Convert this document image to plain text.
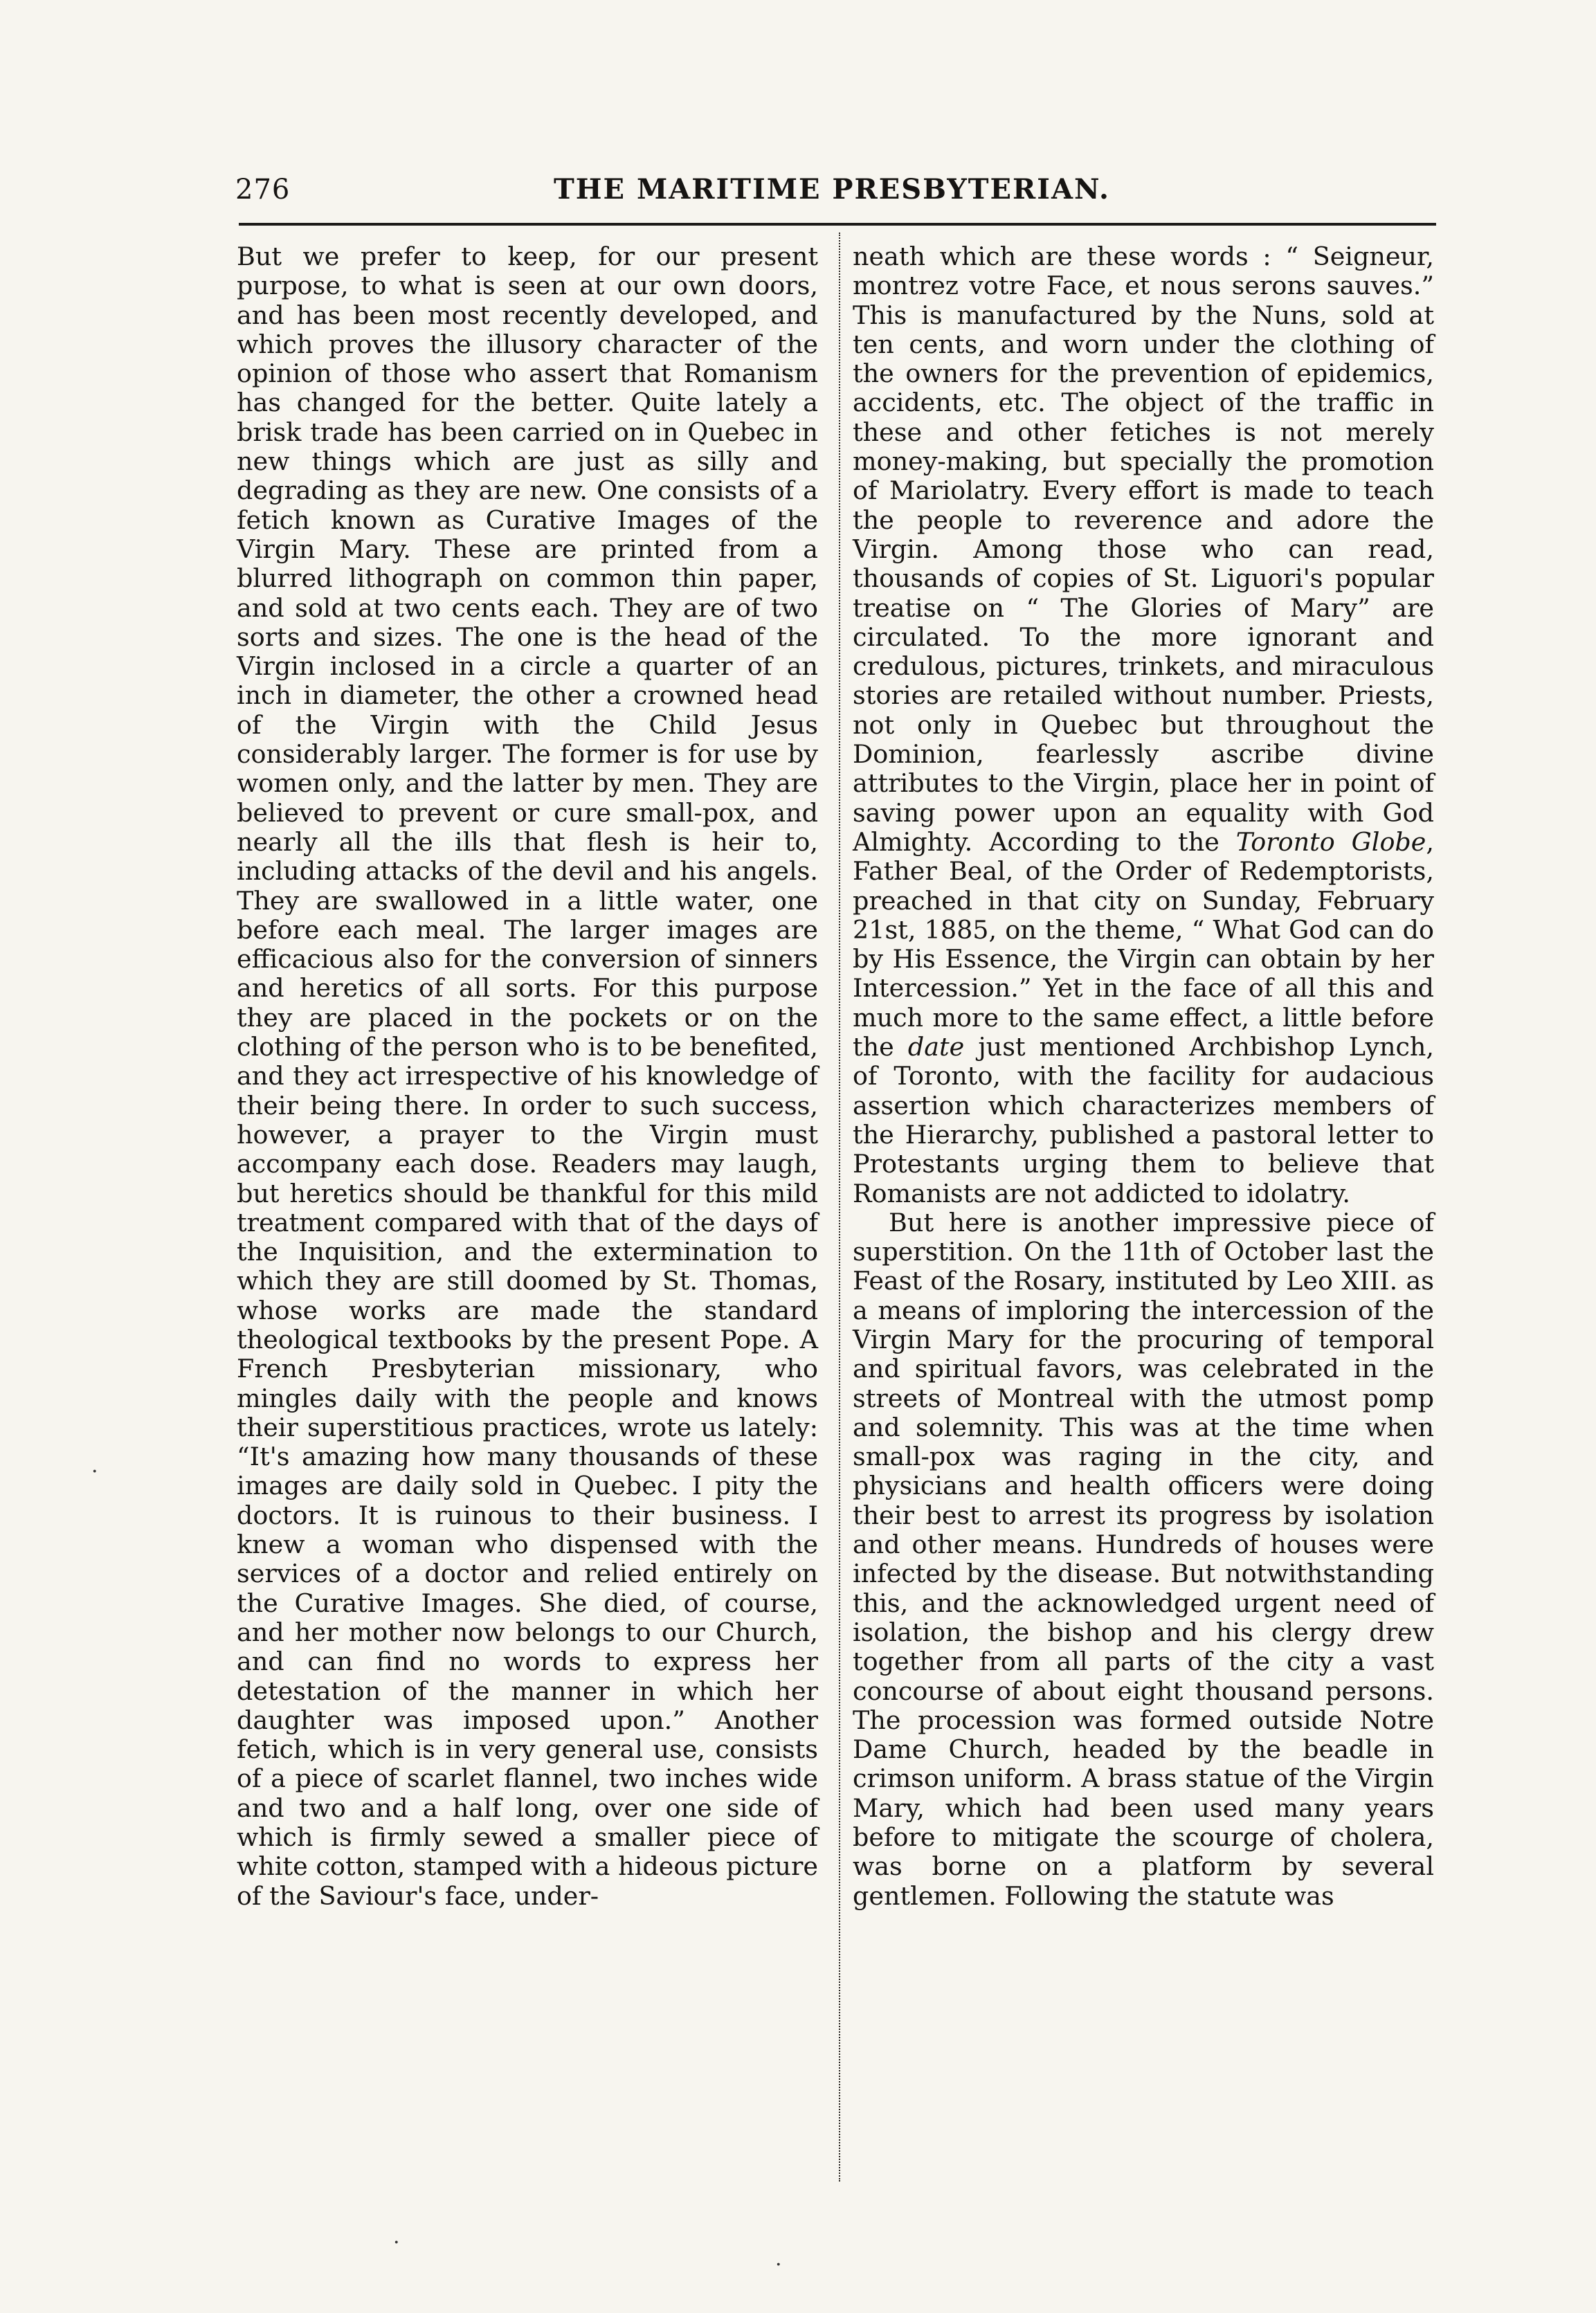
276	THE MARITIME PRESBYTERIAN.

But we prefer to keep, for our present purpose, to what is seen at our own doors, and has been most recently developed, and which proves the illusory character of the opinion of those who assert that Romanism has changed for the better. Quite lately a brisk trade has been carried on in Quebec in new things which are just as silly and degrading as they are new. One consists of a fetich known as Curative Images of the Virgin Mary. These are printed from a blurred lithograph on common thin paper, and sold at two cents each. They are of two sorts and sizes. The one is the head of the Virgin inclosed in a circle a quarter of an inch in diameter, the other a crowned head of the Virgin with the Child Jesus considerably larger. The former is for use by women only, and the latter by men. They are believed to prevent or cure small-pox, and nearly all the ills that flesh is heir to, including attacks of the devil and his angels. They are swallowed in a little water, one before each meal. The larger images are efficacious also for the conversion of sinners and heretics of all sorts. For this purpose they are placed in the pockets or on the clothing of the person who is to be benefited, and they act irrespective of his knowledge of their being there. In order to such success, however, a prayer to the Virgin must accompany each dose. Readers may laugh, but heretics should be thankful for this mild treatment compared with that of the days of the Inquisition, and the extermination to which they are still doomed by St. Thomas, whose works are made the standard theological textbooks by the present Pope. A French Presbyterian missionary, who mingles daily with the people and knows their superstitious practices, wrote us lately: “It's amazing how many thousands of these images are daily sold in Quebec. I pity the doctors. It is ruinous to their business. I knew a woman who dispensed with the services of a doctor and relied entirely on the Curative Images. She died, of course, and her mother now belongs to our Church, and can find no words to express her detestation of the manner in which her daughter was imposed upon.” Another fetich, which is in very general use, consists of a piece of scarlet flannel, two inches wide and two and a half long, over one side of which is firmly sewed a smaller piece of white cotton, stamped with a hideous picture of the Saviour's face, under-

neath which are these words : “ Seigneur, montrez votre Face, et nous serons sauves.” This is manufactured by the Nuns, sold at ten cents, and worn under the clothing of the owners for the prevention of epidemics, accidents, etc. The object of the traffic in these and other fetiches is not merely money-making, but specially the promotion of Mariolatry. Every effort is made to teach the people to reverence and adore the Virgin. Among those who can read, thousands of copies of St. Liguori's popular treatise on “ The Glories of Mary” are circulated. To the more ignorant and credulous, pictures, trinkets, and miraculous stories are retailed without number. Priests, not only in Quebec but throughout the Dominion, fearlessly ascribe divine attributes to the Virgin, place her in point of saving power upon an equality with God Almighty. According to the Toronto Globe, Father Beal, of the Order of Redemptorists, preached in that city on Sunday, February 21st, 1885, on the theme, “ What God can do by His Essence, the Virgin can obtain by her Intercession.” Yet in the face of all this and much more to the same effect, a little before the date just mentioned Archbishop Lynch, of Toronto, with the facility for audacious assertion which characterizes members of the Hierarchy, published a pastoral letter to Protestants urging them to believe that Romanists are not addicted to idolatry.

But here is another impressive piece of superstition. On the 11th of October last the Feast of the Rosary, instituted by Leo XIII. as a means of imploring the intercession of the Virgin Mary for the procuring of temporal and spiritual favors, was celebrated in the streets of Montreal with the utmost pomp and solemnity. This was at the time when small-pox was raging in the city, and physicians and health officers were doing their best to arrest its progress by isolation and other means. Hundreds of houses were infected by the disease. But notwithstanding this, and the acknowledged urgent need of isolation, the bishop and his clergy drew together from all parts of the city a vast concourse of about eight thousand persons. The procession was formed outside Notre Dame Church, headed by the beadle in crimson uniform. A brass statue of the Virgin Mary, which had been used many years before to mitigate the scourge of cholera, was borne on a platform by several gentlemen. Following the statute was

·
·
·
